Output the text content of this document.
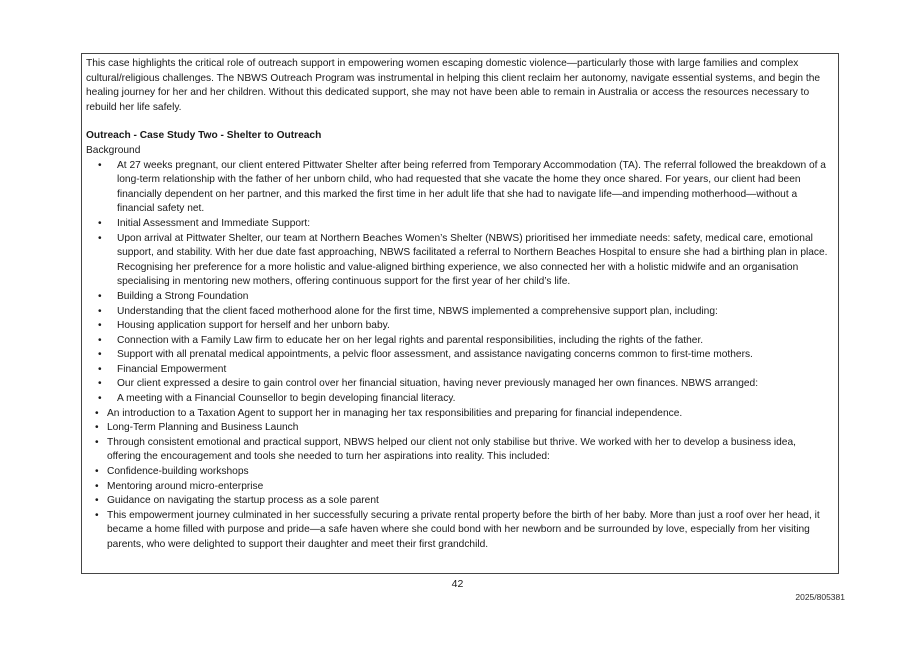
This case highlights the critical role of outreach support in empowering women escaping domestic violence—particularly those with large families and complex cultural/religious challenges. The NBWS Outreach Program was instrumental in helping this client reclaim her autonomy, navigate essential systems, and begin the healing journey for her and her children. Without this dedicated support, she may not have been able to remain in Australia or access the resources necessary to rebuild her life safely.

Outreach - Case Study Two - Shelter to Outreach

Background

•	At 27 weeks pregnant, our client entered Pittwater Shelter after being referred from Temporary Accommodation (TA). The referral followed the breakdown of a long-term relationship with the father of her unborn child, who had requested that she vacate the home they once shared. For years, our client had been financially dependent on her partner, and this marked the first time in her adult life that she had to navigate life—and impending motherhood—without a financial safety net.
•	Initial Assessment and Immediate Support:
•	Upon arrival at Pittwater Shelter, our team at Northern Beaches Women’s Shelter (NBWS) prioritised her immediate needs: safety, medical care, emotional support, and stability. With her due date fast approaching, NBWS facilitated a referral to Northern Beaches Hospital to ensure she had a birthing plan in place. Recognising her preference for a more holistic and value-aligned birthing experience, we also connected her with a holistic midwife and an organisation specialising in mentoring new mothers, offering continuous support for the first year of her child’s life.
•	Building a Strong Foundation
•	Understanding that the client faced motherhood alone for the first time, NBWS implemented a comprehensive support plan, including:
•	Housing application support for herself and her unborn baby.
•	Connection with a Family Law firm to educate her on her legal rights and parental responsibilities, including the rights of the father.
•	Support with all prenatal medical appointments, a pelvic floor assessment, and assistance navigating concerns common to first-time mothers.
•	Financial Empowerment
•	Our client expressed a desire to gain control over her financial situation, having never previously managed her own finances. NBWS arranged:
•	A meeting with a Financial Counsellor to begin developing financial literacy.
• An introduction to a Taxation Agent to support her in managing her tax responsibilities and preparing for financial independence.
• Long-Term Planning and Business Launch
• Through consistent emotional and practical support, NBWS helped our client not only stabilise but thrive. We worked with her to develop a business idea, offering the encouragement and tools she needed to turn her aspirations into reality. This included:
• Confidence-building workshops
• Mentoring around micro-enterprise
• Guidance on navigating the startup process as a sole parent
• This empowerment journey culminated in her successfully securing a private rental property before the birth of her baby. More than just a roof over her head, it became a home filled with purpose and pride—a safe haven where she could bond with her newborn and be surrounded by love, especially from her visiting parents, who were delighted to support their daughter and meet their first grandchild.
42
2025/805381
